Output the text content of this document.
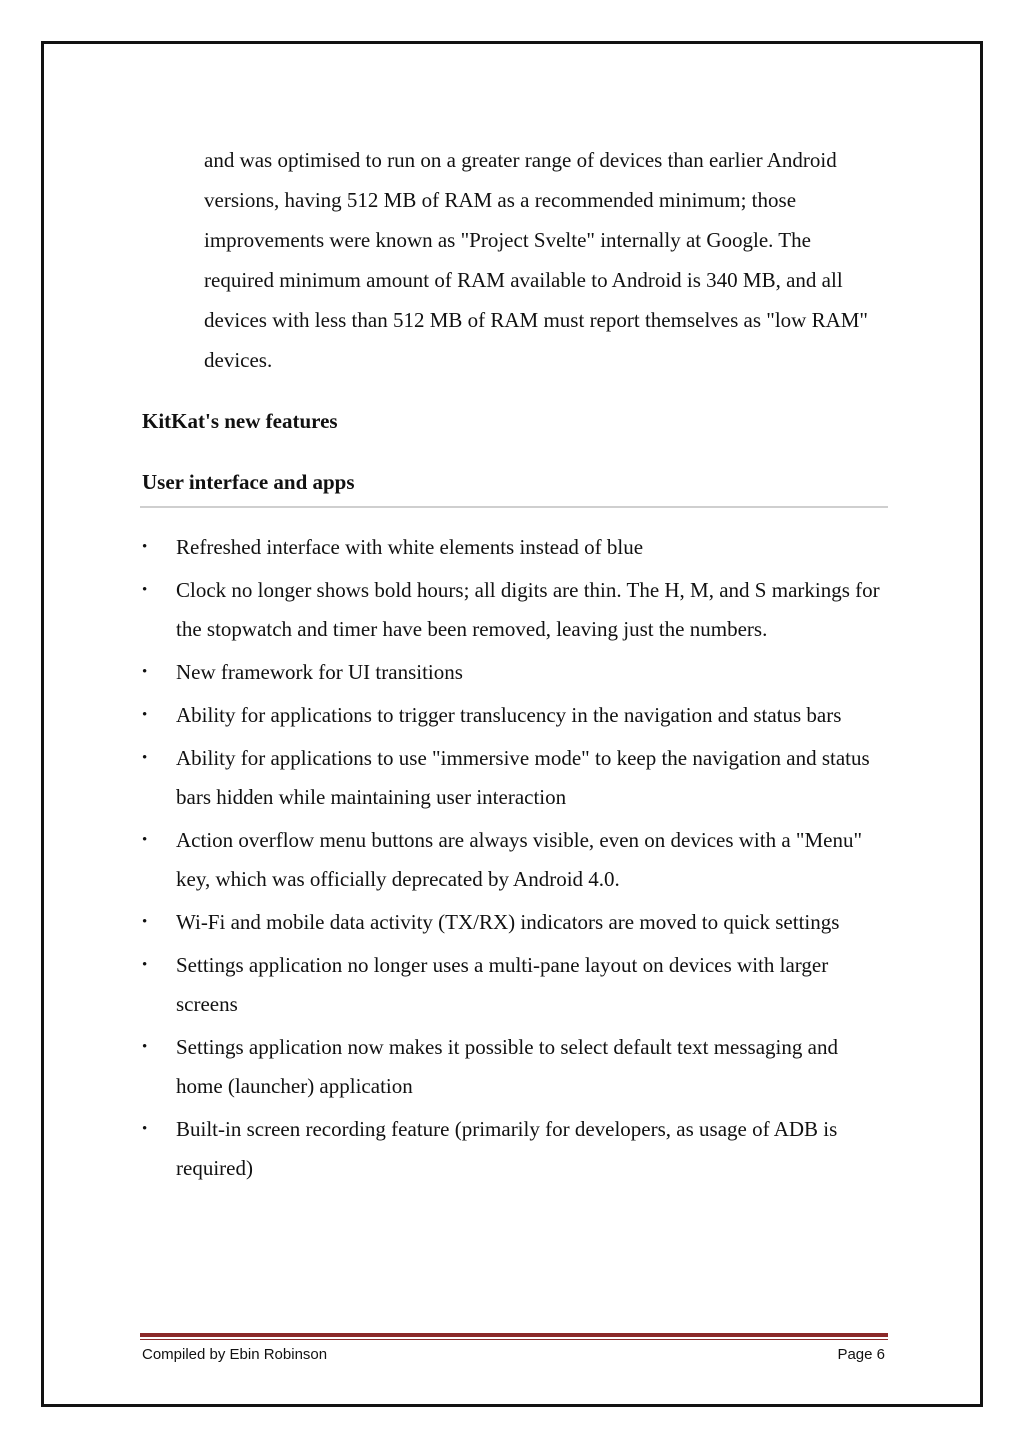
and was optimised to run on a greater range of devices than earlier Android versions, having 512 MB of RAM as a recommended minimum; those improvements were known as "Project Svelte" internally at Google. The required minimum amount of RAM available to Android is 340 MB, and all devices with less than 512 MB of RAM must report themselves as "low RAM" devices.

KitKat's new features
User interface and apps
• Refreshed interface with white elements instead of blue
• Clock no longer shows bold hours; all digits are thin. The H, M, and S markings for the stopwatch and timer have been removed, leaving just the numbers.
• New framework for UI transitions
• Ability for applications to trigger translucency in the navigation and status bars
• Ability for applications to use "immersive mode" to keep the navigation and status bars hidden while maintaining user interaction
• Action overflow menu buttons are always visible, even on devices with a "Menu" key, which was officially deprecated by Android 4.0.
• Wi-Fi and mobile data activity (TX/RX) indicators are moved to quick settings
• Settings application no longer uses a multi-pane layout on devices with larger screens
• Settings application now makes it possible to select default text messaging and home (launcher) application
• Built-in screen recording feature (primarily for developers, as usage of ADB is required)
Compiled by Ebin Robinson	Page 6
